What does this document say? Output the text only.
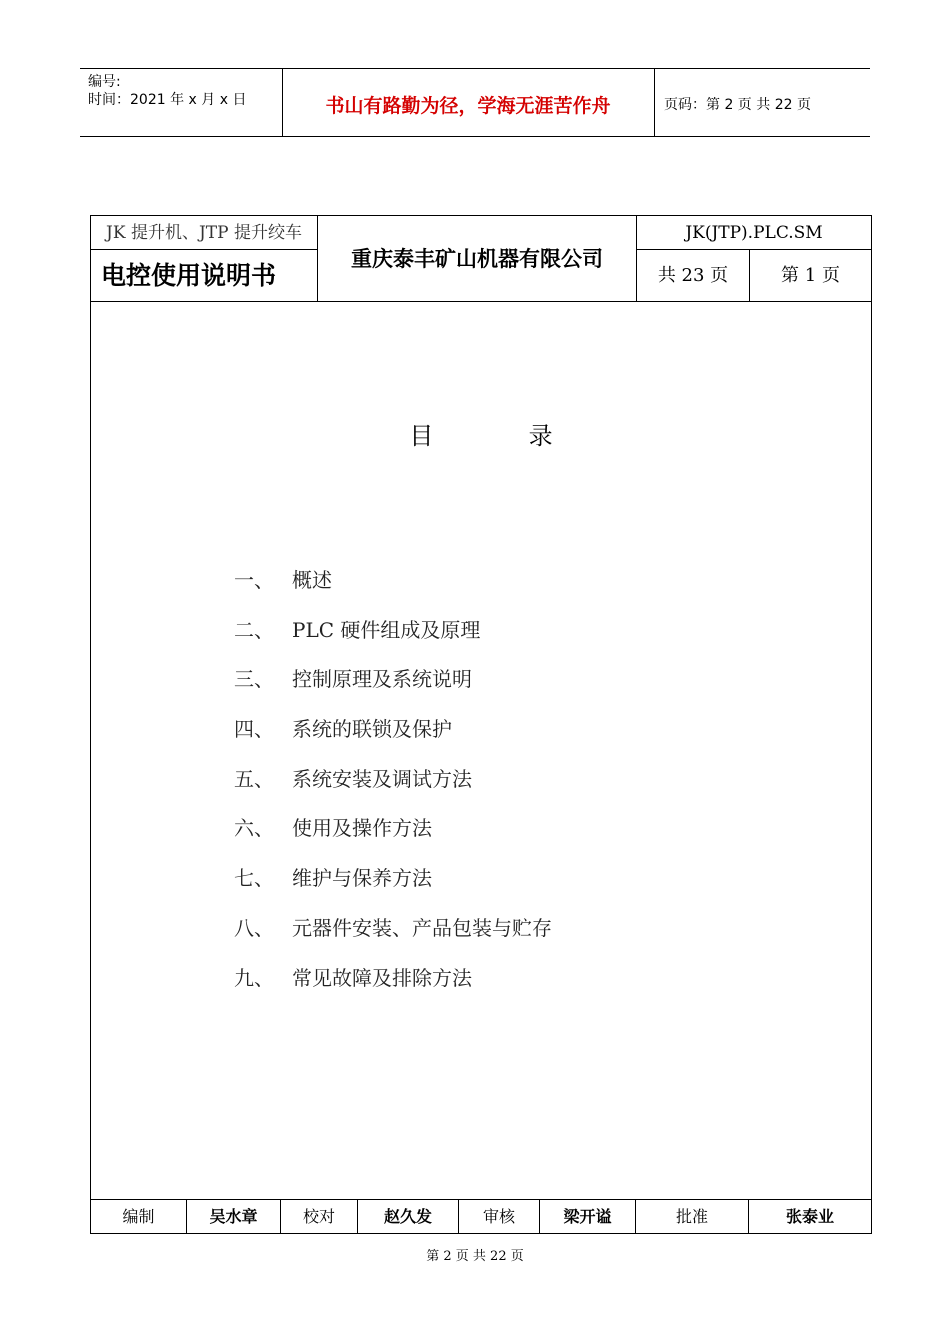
编号:
时间：2021 年 x 月 x 日	书山有路勤为径，学海无涯苦作舟	页码：第 2 页 共 22 页
JK 提升机、JTP 提升绞车
电控使用说明书
重庆泰丰矿山机器有限公司
JK(JTP).PLC.SM
共 23 页	第 1 页
目	录
一、 概述
二、 PLC 硬件组成及原理
三、 控制原理及系统说明
四、 系统的联锁及保护
五、 系统安装及调试方法
六、 使用及操作方法
七、 维护与保养方法
八、 元器件安装、产品包装与贮存
九、 常见故障及排除方法
编制	吴水章	校对	赵久发	审核	梁开谥	批准	张泰业
第 2 页 共 22 页
